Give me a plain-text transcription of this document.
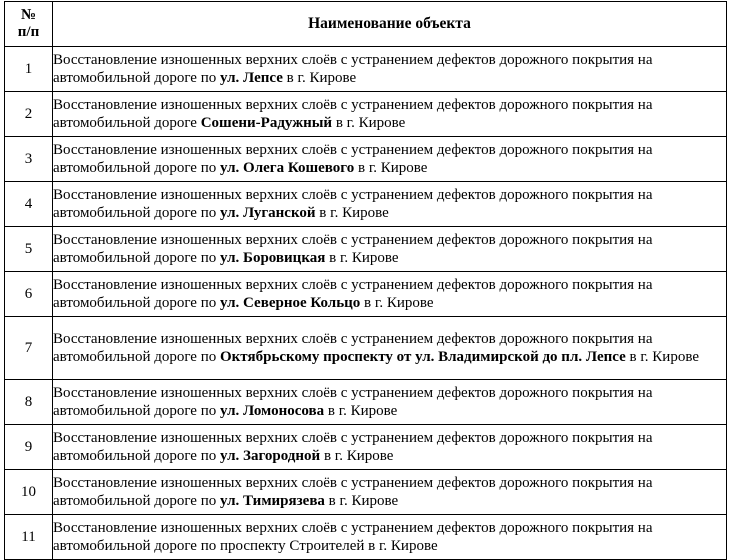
№
п/п	Наименование объекта
1	Восстановление изношенных верхних слоёв с устранением дефектов дорожного покрытия на автомобильной дороге по ул. Лепсе в г. Кирове

2	Восстановление изношенных верхних слоёв с устранением дефектов дорожного покрытия на автомобильной дороге Сошени-Радужный в г. Кирове

3	Восстановление изношенных верхних слоёв с устранением дефектов дорожного покрытия на автомобильной дороге по ул. Олега Кошевого в г. Кирове

4	Восстановление изношенных верхних слоёв с устранением дефектов дорожного покрытия на автомобильной дороге по ул. Луганской в г. Кирове

5	Восстановление изношенных верхних слоёв с устранением дефектов дорожного покрытия на автомобильной дороге по ул. Боровицкая в г. Кирове

6	Восстановление изношенных верхних слоёв с устранением дефектов дорожного покрытия на автомобильной дороге по ул. Северное Кольцо в г. Кирове

7	Восстановление изношенных верхних слоёв с устранением дефектов дорожного покрытия на автомобильной дороге по Октябрьскому проспекту от ул. Владимирской до пл. Лепсе в г. Кирове

8	Восстановление изношенных верхних слоёв с устранением дефектов дорожного покрытия на автомобильной дороге по ул. Ломоносова в г. Кирове

9	Восстановление изношенных верхних слоёв с устранением дефектов дорожного покрытия на автомобильной дороге по ул. Загородной в г. Кирове

10	Восстановление изношенных верхних слоёв с устранением дефектов дорожного покрытия на автомобильной дороге по ул. Тимирязева в г. Кирове

11	Восстановление изношенных верхних слоёв с устранением дефектов дорожного покрытия на автомобильной дороге по проспекту Строителей в г. Кирове
